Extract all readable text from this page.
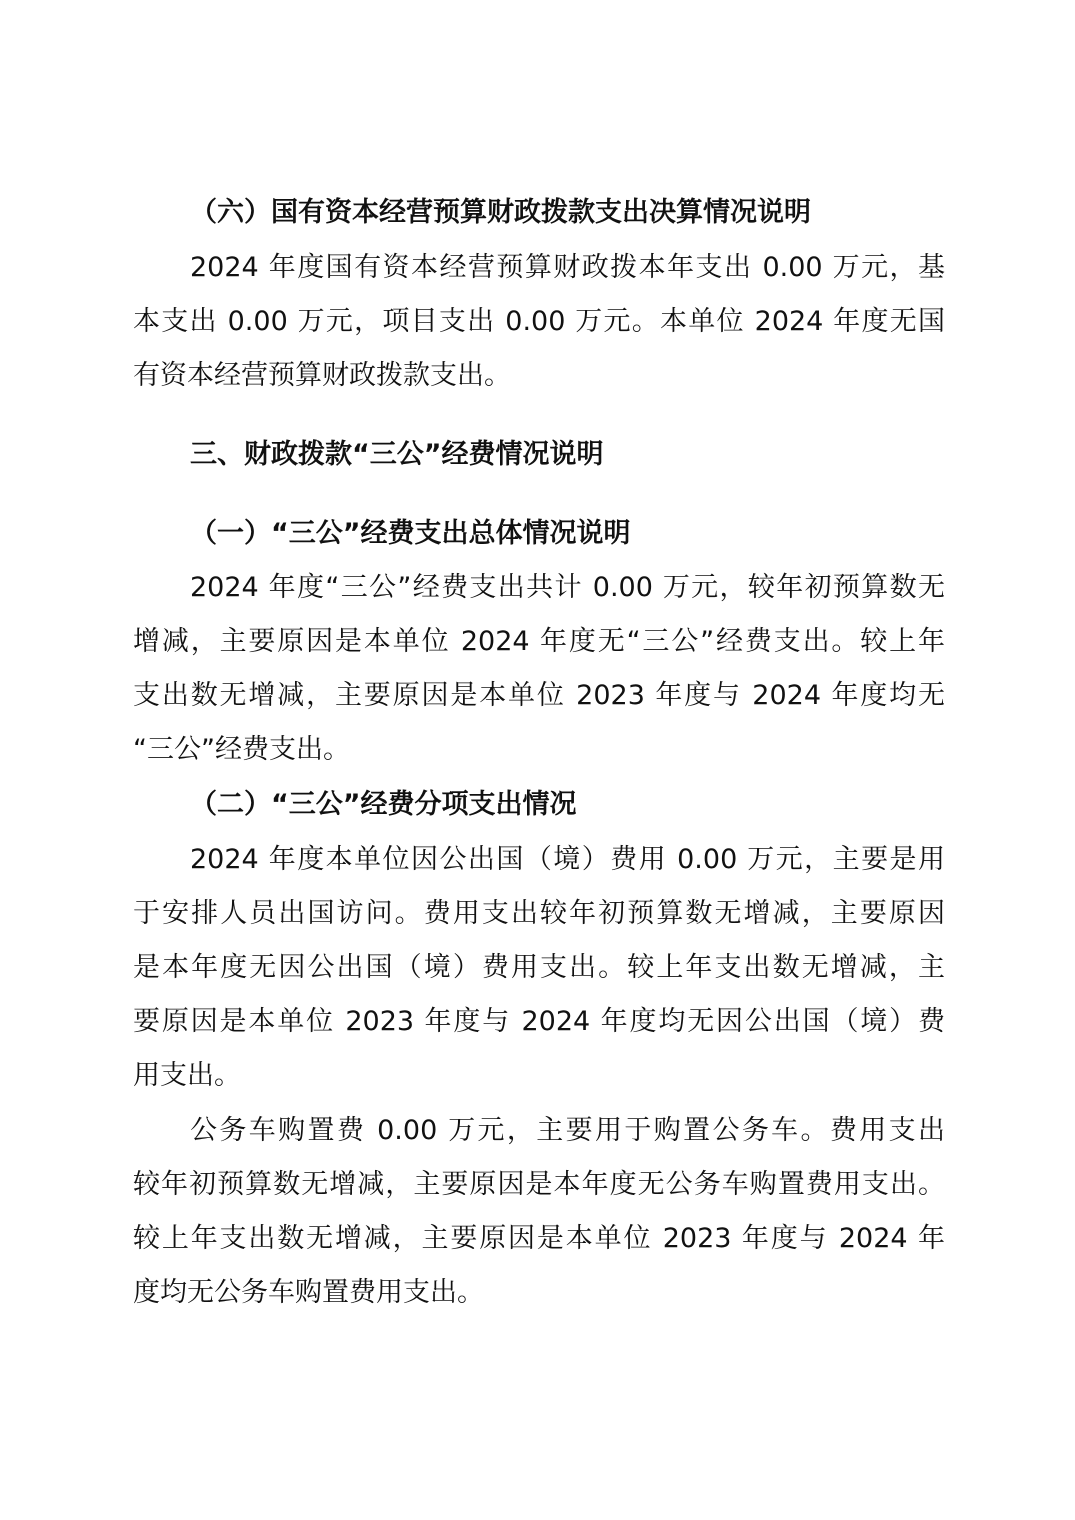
（六）国有资本经营预算财政拨款支出决算情况说明
2024 年度国有资本经营预算财政拨本年支出 0.00 万元，基
本支出 0.00 万元，项目支出 0.00 万元。本单位 2024 年度无国
有资本经营预算财政拨款支出。
三、财政拨款“三公”经费情况说明
（一）“三公”经费支出总体情况说明
2024 年度“三公”经费支出共计 0.00 万元，较年初预算数无
增减，主要原因是本单位 2024 年度无“三公”经费支出。较上年
支出数无增减，主要原因是本单位 2023 年度与 2024 年度均无
“三公”经费支出。
（二）“三公”经费分项支出情况
2024 年度本单位因公出国（境）费用 0.00 万元，主要是用
于安排人员出国访问。费用支出较年初预算数无增减，主要原因
是本年度无因公出国（境）费用支出。较上年支出数无增减，主
要原因是本单位 2023 年度与 2024 年度均无因公出国（境）费
用支出。
公务车购置费 0.00 万元，主要用于购置公务车。费用支出
较年初预算数无增减，主要原因是本年度无公务车购置费用支出。
较上年支出数无增减，主要原因是本单位 2023 年度与 2024 年
度均无公务车购置费用支出。
